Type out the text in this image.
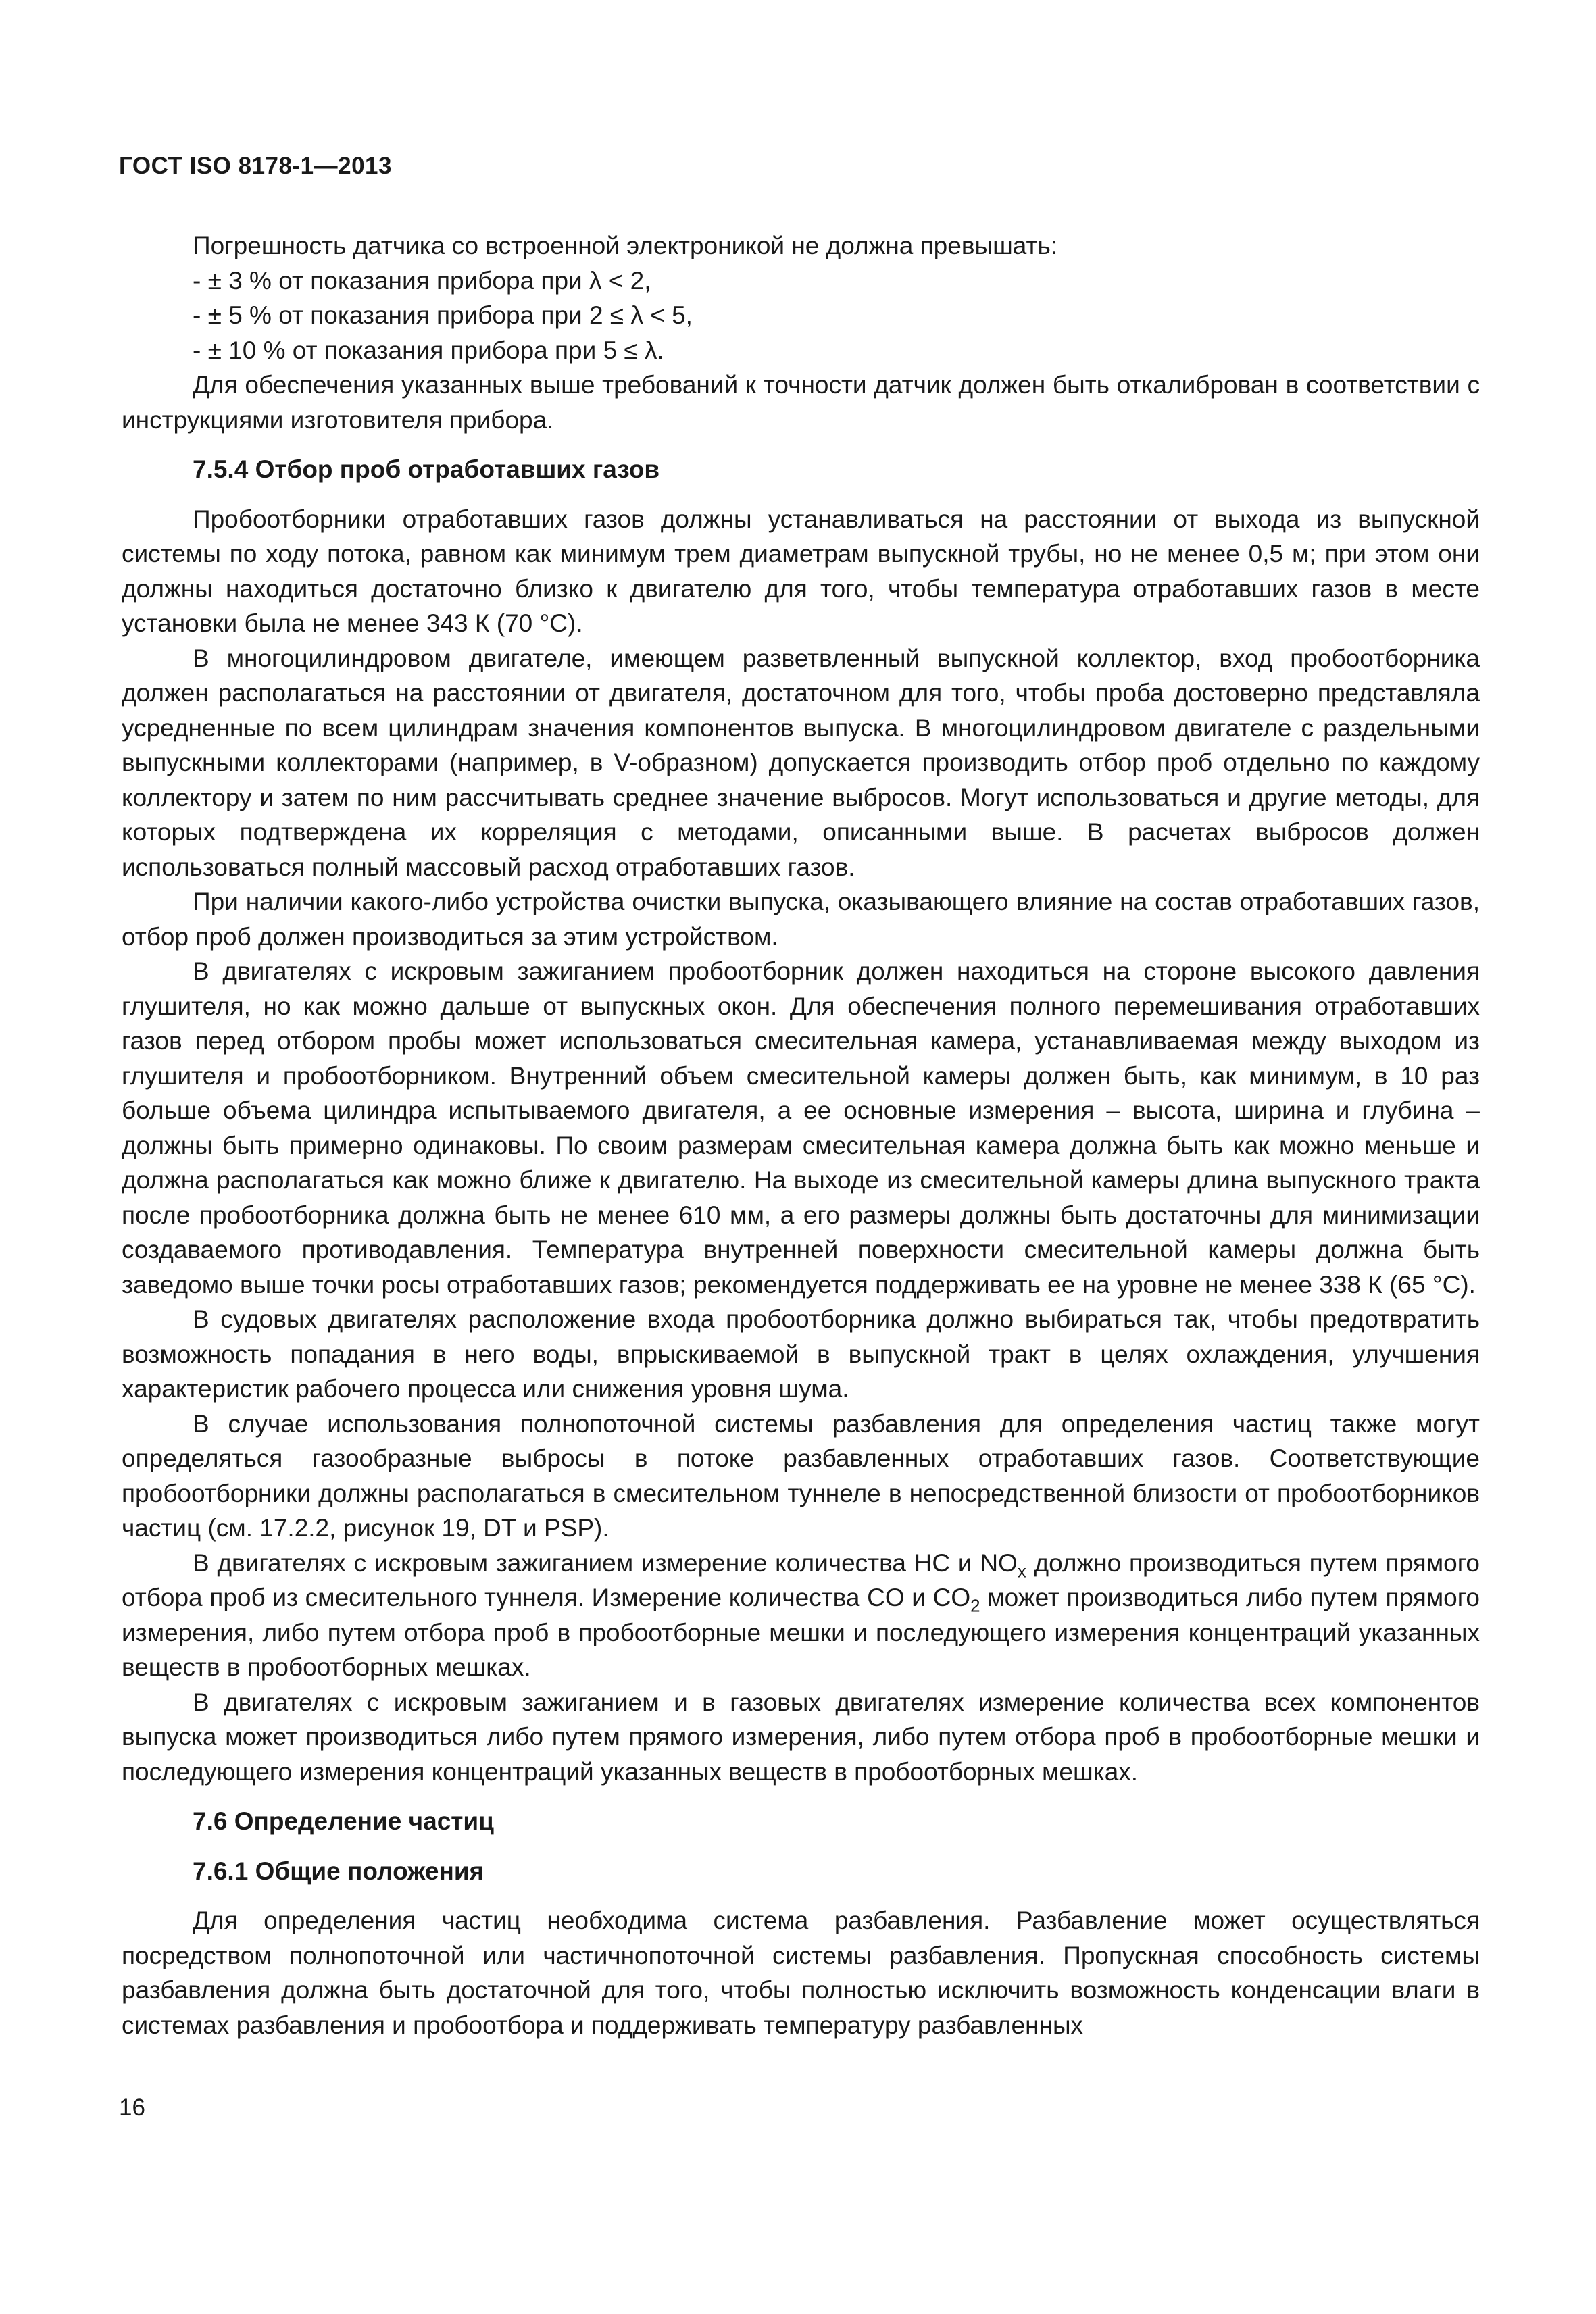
ГОСТ ISO 8178-1—2013

Погрешность датчика со встроенной электроникой не должна превышать:

- ± 3 % от показания прибора при λ < 2,

- ± 5 % от показания прибора при 2 ≤ λ < 5,

- ± 10 % от показания прибора при 5 ≤ λ.

Для обеспечения указанных выше требований к точности датчик должен быть откалиброван в соответствии с инструкциями изготовителя прибора.

7.5.4 Отбор проб отработавших газов

Пробоотборники отработавших газов должны устанавливаться на расстоянии от выхода из выпускной системы по ходу потока, равном как минимум трем диаметрам выпускной трубы, но не менее 0,5 м; при этом они должны находиться достаточно близко к двигателю для того, чтобы температура отработавших газов в месте установки была не менее 343 К (70 °С).

В многоцилиндровом двигателе, имеющем разветвленный выпускной коллектор, вход пробоотборника должен располагаться на расстоянии от двигателя, достаточном для того, чтобы проба достоверно представляла усредненные по всем цилиндрам значения компонентов выпуска. В многоцилиндровом двигателе с раздельными выпускными коллекторами (например, в V-образном) допускается производить отбор проб отдельно по каждому коллектору и затем по ним рассчитывать среднее значение выбросов. Могут использоваться и другие методы, для которых подтверждена их корреляция с методами, описанными выше. В расчетах выбросов должен использоваться полный массовый расход отработавших газов.

При наличии какого-либо устройства очистки выпуска, оказывающего влияние на состав отработавших газов, отбор проб должен производиться за этим устройством.

В двигателях с искровым зажиганием пробоотборник должен находиться на стороне высокого давления глушителя, но как можно дальше от выпускных окон. Для обеспечения полного перемешивания отработавших газов перед отбором пробы может использоваться смесительная камера, устанавливаемая между выходом из глушителя и пробоотборником. Внутренний объем смесительной камеры должен быть, как минимум, в 10 раз больше объема цилиндра испытываемого двигателя, а ее основные измерения – высота, ширина и глубина – должны быть примерно одинаковы. По своим размерам смесительная камера должна быть как можно меньше и должна располагаться как можно ближе к двигателю. На выходе из смесительной камеры длина выпускного тракта после пробоотборника должна быть не менее 610 мм, а его размеры должны быть достаточны для минимизации создаваемого противодавления. Температура внутренней поверхности смесительной камеры должна быть заведомо выше точки росы отработавших газов; рекомендуется поддерживать ее на уровне не менее 338 К (65 °С).

В судовых двигателях расположение входа пробоотборника должно выбираться так, чтобы предотвратить возможность попадания в него воды, впрыскиваемой в выпускной тракт в целях охлаждения, улучшения характеристик рабочего процесса или снижения уровня шума.

В случае использования полнопоточной системы разбавления для определения частиц также могут определяться газообразные выбросы в потоке разбавленных отработавших газов. Соответствующие пробоотборники должны располагаться в смесительном туннеле в непосредственной близости от пробоотборников частиц (см. 17.2.2, рисунок 19, DT и PSP).

В двигателях с искровым зажиганием измерение количества HC и $NO_x$ должно производиться путем прямого отбора проб из смесительного туннеля. Измерение количества CO и $CO_2$ может производиться либо путем прямого измерения, либо путем отбора проб в пробоотборные мешки и последующего измерения концентраций указанных веществ в пробоотборных мешках.

В двигателях с искровым зажиганием и в газовых двигателях измерение количества всех компонентов выпуска может производиться либо путем прямого измерения, либо путем отбора проб в пробоотборные мешки и последующего измерения концентраций указанных веществ в пробоотборных мешках.

7.6 Определение частиц
7.6.1 Общие положения

Для определения частиц необходима система разбавления. Разбавление может осуществляться посредством полнопоточной или частичнопоточной системы разбавления. Пропускная способность системы разбавления должна быть достаточной для того, чтобы полностью исключить возможность конденсации влаги в системах разбавления и пробоотбора и поддерживать температуру разбавленных

16
